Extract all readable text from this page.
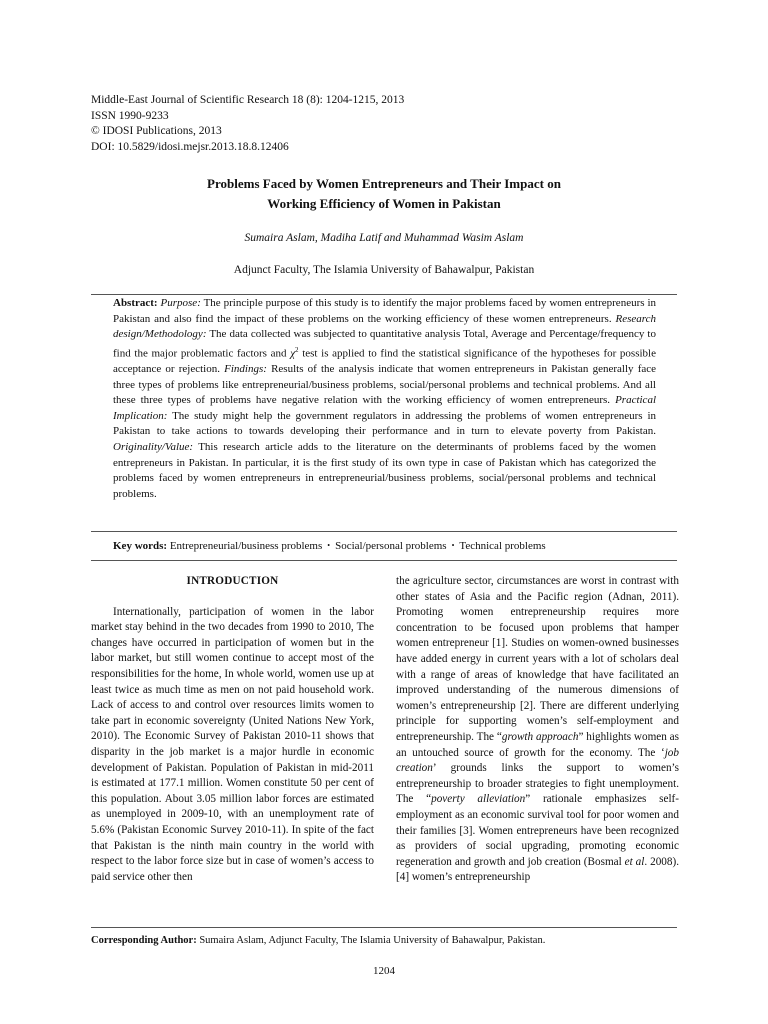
Middle-East Journal of Scientific Research 18 (8): 1204-1215, 2013
ISSN 1990-9233
© IDOSI Publications, 2013
DOI: 10.5829/idosi.mejsr.2013.18.8.12406
Problems Faced by Women Entrepreneurs and Their Impact on
Working Efficiency of Women in Pakistan
Sumaira Aslam, Madiha Latif and Muhammad Wasim Aslam
Adjunct Faculty, The Islamia University of Bahawalpur, Pakistan
Abstract: Purpose: The principle purpose of this study is to identify the major problems faced by women entrepreneurs in Pakistan and also find the impact of these problems on the working efficiency of these women entrepreneurs. Research design/Methodology: The data collected was subjected to quantitative analysis Total, Average and Percentage/frequency to find the major problematic factors and $\chi^2$ test is applied to find the statistical significance of the hypotheses for possible acceptance or rejection. Findings: Results of the analysis indicate that women entrepreneurs in Pakistan generally face three types of problems like entrepreneurial/business problems, social/personal problems and technical problems. And all these three types of problems have negative relation with the working efficiency of women entrepreneurs. Practical Implication: The study might help the government regulators in addressing the problems of women entrepreneurs in Pakistan to take actions to towards developing their performance and in turn to elevate poverty from Pakistan. Originality/Value: This research article adds to the literature on the determinants of problems faced by the women entrepreneurs in Pakistan. In particular, it is the first study of its own type in case of Pakistan which has categorized the problems faced by women entrepreneurs in entrepreneurial/business problems, social/personal problems and technical problems.
Key words: Entrepreneurial/business problems • Social/personal problems • Technical problems
INTRODUCTION

Internationally, participation of women in the labor market stay behind in the two decades from 1990 to 2010, The changes have occurred in participation of women but in the labor market, but still women continue to accept most of the responsibilities for the home, In whole world, women use up at least twice as much time as men on not paid household work. Lack of access to and control over resources limits women to take part in economic sovereignty (United Nations New York, 2010). The Economic Survey of Pakistan 2010-11 shows that disparity in the job market is a major hurdle in economic development of Pakistan. Population of Pakistan in mid-2011 is estimated at 177.1 million. Women constitute 50 per cent of this population. About 3.05 million labor forces are estimated as unemployed in 2009-10, with an unemployment rate of 5.6% (Pakistan Economic Survey 2010-11). In spite of the fact that Pakistan is the ninth main country in the world with respect to the labor force size but in case of women’s access to paid service other then

the agriculture sector, circumstances are worst in contrast with other states of Asia and the Pacific region (Adnan, 2011). Promoting women entrepreneurship requires more concentration to be focused upon problems that hamper women entrepreneur [1]. Studies on women-owned businesses have added energy in current years with a lot of scholars deal with a range of areas of knowledge that have facilitated an improved understanding of the numerous dimensions of women’s entrepreneurship [2]. There are different underlying principle for supporting women’s self-employment and entrepreneurship. The “growth approach” highlights women as an untouched source of growth for the economy. The ‘job creation’ grounds links the support to women’s entrepreneurship to broader strategies to fight unemployment. The “poverty alleviation” rationale emphasizes self-employment as an economic survival tool for poor women and their families [3]. Women entrepreneurs have been recognized as providers of social upgrading, promoting economic regeneration and growth and job creation (Bosmal et al. 2008). [4] women’s entrepreneurship

Corresponding Author: Sumaira Aslam, Adjunct Faculty, The Islamia University of Bahawalpur, Pakistan.
1204
